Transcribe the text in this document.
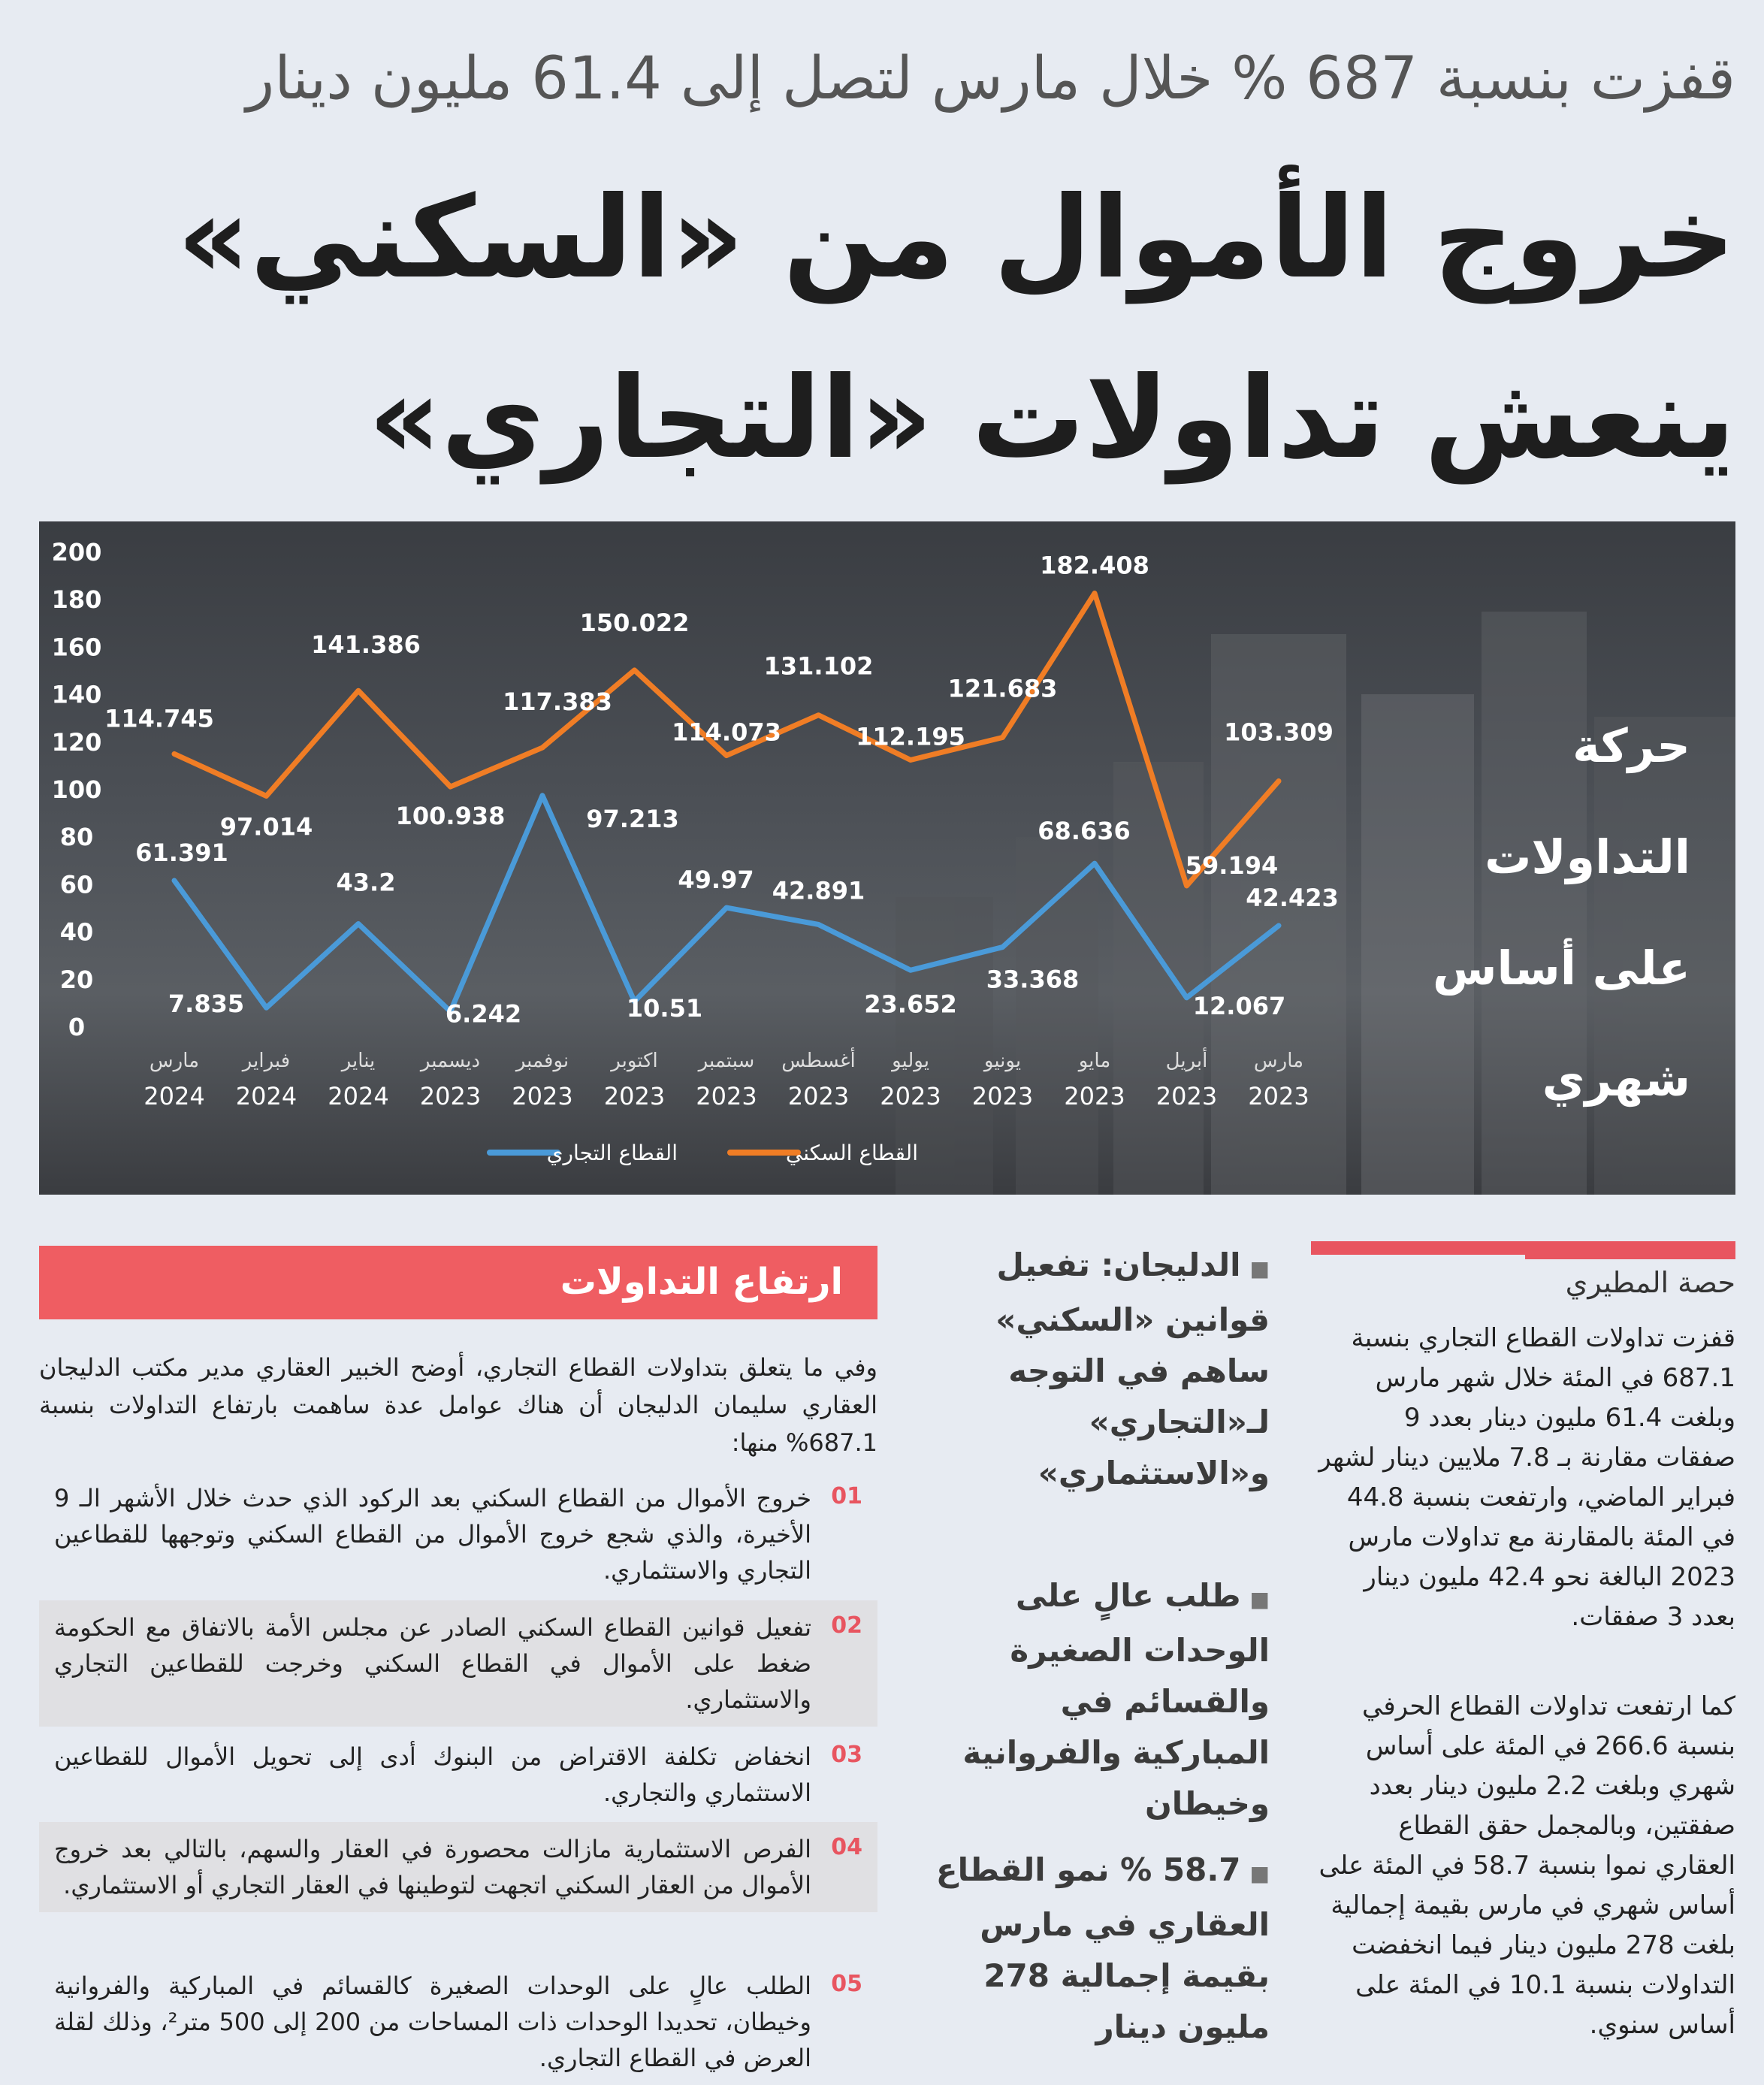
قفزت بنسبة 687 % خلال مارس لتصل إلى 61.4 مليون دينار
خروج الأموال من «السكني»
ينعش تداولات «التجاري»
114.745
97.014
141.386
100.938
117.383
150.022
114.073
131.102
112.195
121.683
182.408
59.194
103.309
61.391
7.835
43.2
6.242
97.213
10.51
49.97 42.891
23.652
33.368
68.636
12.067
42.423
0
20
40
60
80
100
120
140
160
180
200
مارس
2024
فبراير
2024
يناير
2024
ديسمبر
2023
نوفمبر
2023
اكتوبر
2023
سبتمبر
2023
أغسطس
2023
يوليو
2023
يونيو
2023
مايو
2023
أبريل
2023
مارس
2023
القطاع التجاري	القطاع السكني
حركة التداولات على أساس شهري
حصة المطيري
قفزت تداولات القطاع التجاري بنسبة 687.1 في المئة خلال شهر مارس وبلغت 61.4 مليون دينار بعدد 9 صفقات مقارنة بـ 7.8 ملايين دينار لشهر فبراير الماضي، وارتفعت بنسبة 44.8 في المئة بالمقارنة مع تداولات مارس 2023 البالغة نحو 42.4 مليون دينار بعدد 3 صفقات.
كما ارتفعت تداولات القطاع الحرفي بنسبة 266.6 في المئة على أساس شهري وبلغت 2.2 مليون دينار بعدد صفقتين، وبالمجمل حقق القطاع العقاري نموا بنسبة 58.7 في المئة على أساس شهري في مارس بقيمة إجمالية بلغت 278 مليون دينار فيما انخفضت التداولات بنسبة 10.1 في المئة على أساس سنوي.
■الدليجان: تفعيل قوانين «السكني» ساهم في التوجه لـ«التجاري» و«الاستثماري»
■طلب عالٍ على الوحدات الصغيرة والقسائم في المباركية والفروانية وخيطان
■58.7 % نمو القطاع العقاري في مارس بقيمة إجمالية 278 مليون دينار
ارتفاع التداولات
وفي ما يتعلق بتداولات القطاع التجاري، أوضح الخبير العقاري مدير مكتب الدليجان العقاري سليمان الدليجان أن هناك عوامل عدة ساهمت بارتفاع التداولات بنسبة 687.1% منها:
01
خروج الأموال من القطاع السكني بعد الركود الذي حدث خلال الأشهر الـ 9 الأخيرة، والذي شجع خروج الأموال من القطاع السكني وتوجهها للقطاعين التجاري والاستثماري.
02
تفعيل قوانين القطاع السكني الصادر عن مجلس الأمة بالاتفاق مع الحكومة ضغط على الأموال في القطاع السكني وخرجت للقطاعين التجاري والاستثماري.
03
انخفاض تكلفة الاقتراض من البنوك أدى إلى تحويل الأموال للقطاعين الاستثماري والتجاري.
04
الفرص الاستثمارية مازالت محصورة في العقار والسهم، بالتالي بعد خروج الأموال من العقار السكني اتجهت لتوطينها في العقار التجاري أو الاستثماري.
05
الطلب عالٍ على الوحدات الصغيرة كالقسائم في المباركية والفروانية وخيطان، تحديدا الوحدات ذات المساحات من 200 إلى 500 متر²، وذلك لقلة العرض في القطاع التجاري.
